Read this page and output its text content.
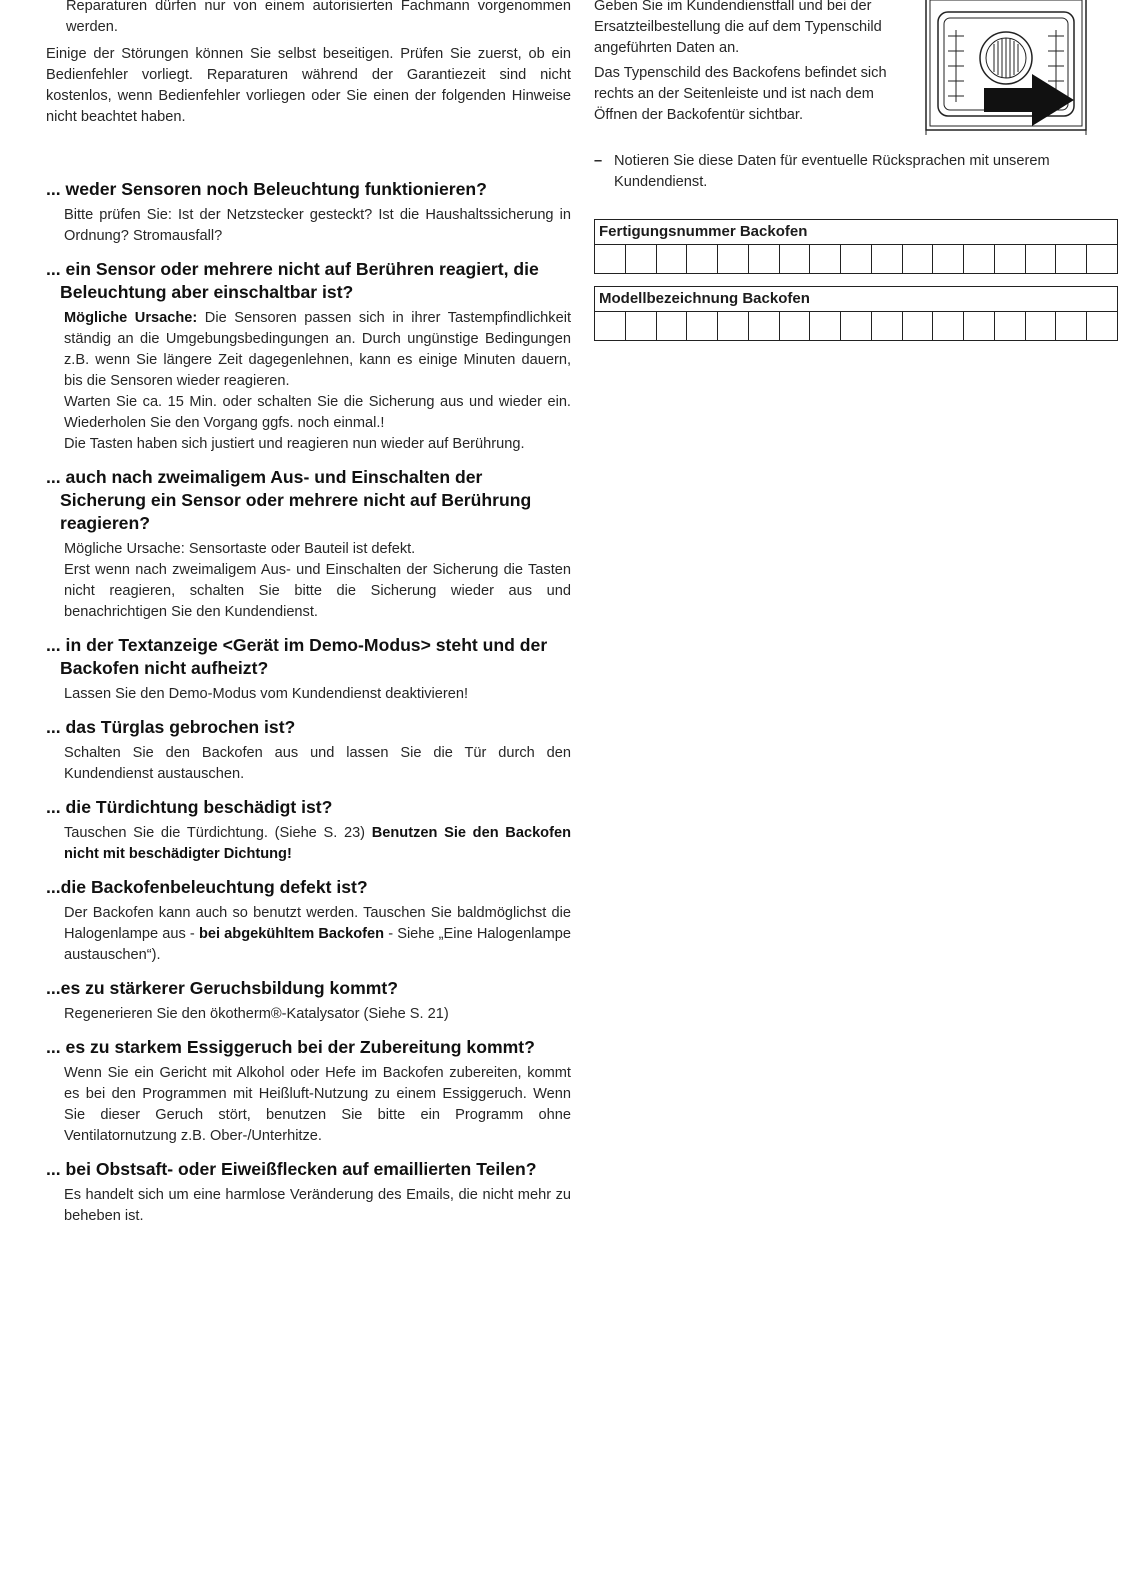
Reparaturen dürfen nur von einem autorisierten Fachmann vorgenommen werden.

Einige der Störungen können Sie selbst beseitigen. Prüfen Sie zuerst, ob ein Bedienfehler vorliegt. Reparaturen während der Garantiezeit sind nicht kostenlos, wenn Bedienfehler vorliegen oder Sie einen der folgenden Hinweise nicht beachtet haben.

... weder Sensoren noch Beleuchtung funktionieren?

Bitte prüfen Sie: Ist der Netzstecker gesteckt? Ist die Haushaltssicherung in Ordnung? Stromausfall?

... ein Sensor oder mehrere nicht auf Berühren reagiert, die Beleuchtung aber einschaltbar ist?

Mögliche Ursache: Die Sensoren passen sich in ihrer Tastempfindlichkeit ständig an die Umgebungsbedingungen an. Durch ungünstige Bedingungen z.B. wenn Sie längere Zeit dagegenlehnen, kann es einige Minuten dauern, bis die Sensoren wieder reagieren.

Warten Sie ca. 15 Min. oder schalten Sie die Sicherung aus und wieder ein. Wiederholen Sie den Vorgang ggfs. noch einmal.!

Die Tasten haben sich justiert und reagieren nun wieder auf Berührung.

... auch nach zweimaligem Aus- und Einschalten der Sicherung ein Sensor oder mehrere nicht auf Berührung reagieren?

Mögliche Ursache: Sensortaste oder Bauteil ist defekt.

Erst wenn nach zweimaligem Aus- und Einschalten der Sicherung die Tasten nicht reagieren, schalten Sie bitte die Sicherung wieder aus und benachrichtigen Sie den Kundendienst.

... in der Textanzeige <Gerät im Demo-Modus> steht und der Backofen nicht aufheizt?

Lassen Sie den Demo-Modus vom Kundendienst deaktivieren!

... das Türglas gebrochen ist?

Schalten Sie den Backofen aus und lassen Sie die Tür durch den Kundendienst austauschen.

... die Türdichtung beschädigt ist?

Tauschen Sie die Türdichtung. (Siehe S. 23) Benutzen Sie den Backofen nicht mit beschädigter Dichtung!

...die Backofenbeleuchtung defekt ist?

Der Backofen kann auch so benutzt werden. Tauschen Sie baldmöglichst die Halogenlampe aus - bei abgekühltem Backofen - Siehe „Eine Halogenlampe austauschen“).

...es zu stärkerer Geruchsbildung kommt?

Regenerieren Sie den ökotherm®-Katalysator (Siehe S. 21)

... es zu starkem Essiggeruch bei der Zubereitung kommt?

Wenn Sie ein Gericht mit Alkohol oder Hefe im Backofen zubereiten, kommt es bei den Programmen mit Heißluft-Nutzung zu einem Essiggeruch. Wenn Sie dieser Geruch stört, benutzen Sie bitte ein Programm ohne Ventilatornutzung z.B. Ober-/Unterhitze.

... bei Obstsaft- oder Eiweißflecken auf emaillierten Teilen?

Es handelt sich um eine harmlose Veränderung des Emails, die nicht mehr zu beheben ist.

Geben Sie im Kundendienstfall und bei der Ersatzteilbestellung die auf dem Typenschild angeführten Daten an.

Das Typenschild des Backofens befindet sich rechts an der Seitenleiste und ist nach dem Öffnen der Backofentür sichtbar.

– Notieren Sie diese Daten für eventuelle Rücksprachen mit unserem Kundendienst.
Fertigungsnummer Backofen
Modellbezeichnung Backofen
